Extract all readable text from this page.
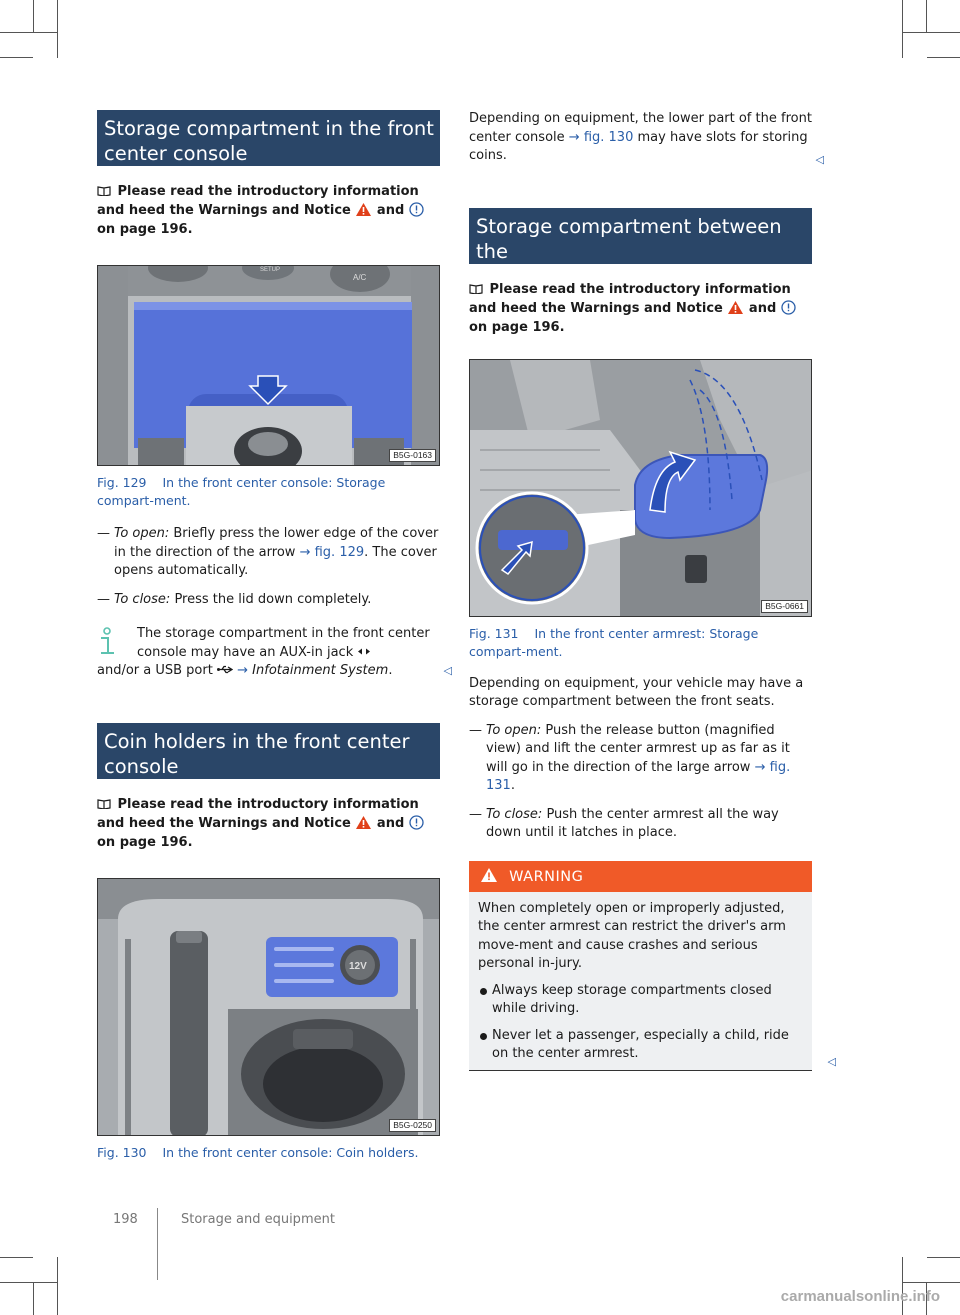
Storage compartment in the front
center console
Please read the introductory information and heed the Warnings and Notice and  on page 196.
SETUP
A/C
B5G-0163
Fig. 129 In the front center console: Storage compart-ment.
— To open: Briefly press the lower edge of the cover in the direction of the arrow → fig. 129. The cover opens automatically.
— To close: Press the lid down completely.
The storage compartment in the front center console may have an AUX-in jack
and/or a USB port → Infotainment System.	◁
Coin holders in the front center
console
Please read the introductory information and heed the Warnings and Notice and  on page 196.
12V
B5G-0250
Fig. 130 In the front center console: Coin holders.

Depending on equipment, the lower part of the front center console → fig. 130 may have slots for storing coins.	◁
Storage compartment between the
front seats
Please read the introductory information and heed the Warnings and Notice and  on page 196.
B5G-0661
Fig. 131 In the front center armrest: Storage compart-ment.

Depending on equipment, your vehicle may have a storage compartment between the front seats.

— To open: Push the release button (magnified view) and lift the center armrest up as far as it will go in the direction of the large arrow → fig. 131.
— To close: Push the center armrest all the way down until it latches in place.
WARNING
When completely open or improperly adjusted, the center armrest can restrict the driver's arm move-ment and cause crashes and serious personal in-jury.
Always keep storage compartments closed while driving.
Never let a passenger, especially a child, ride on the center armrest.	◁
198	Storage and equipment
carmanualsonline.info
